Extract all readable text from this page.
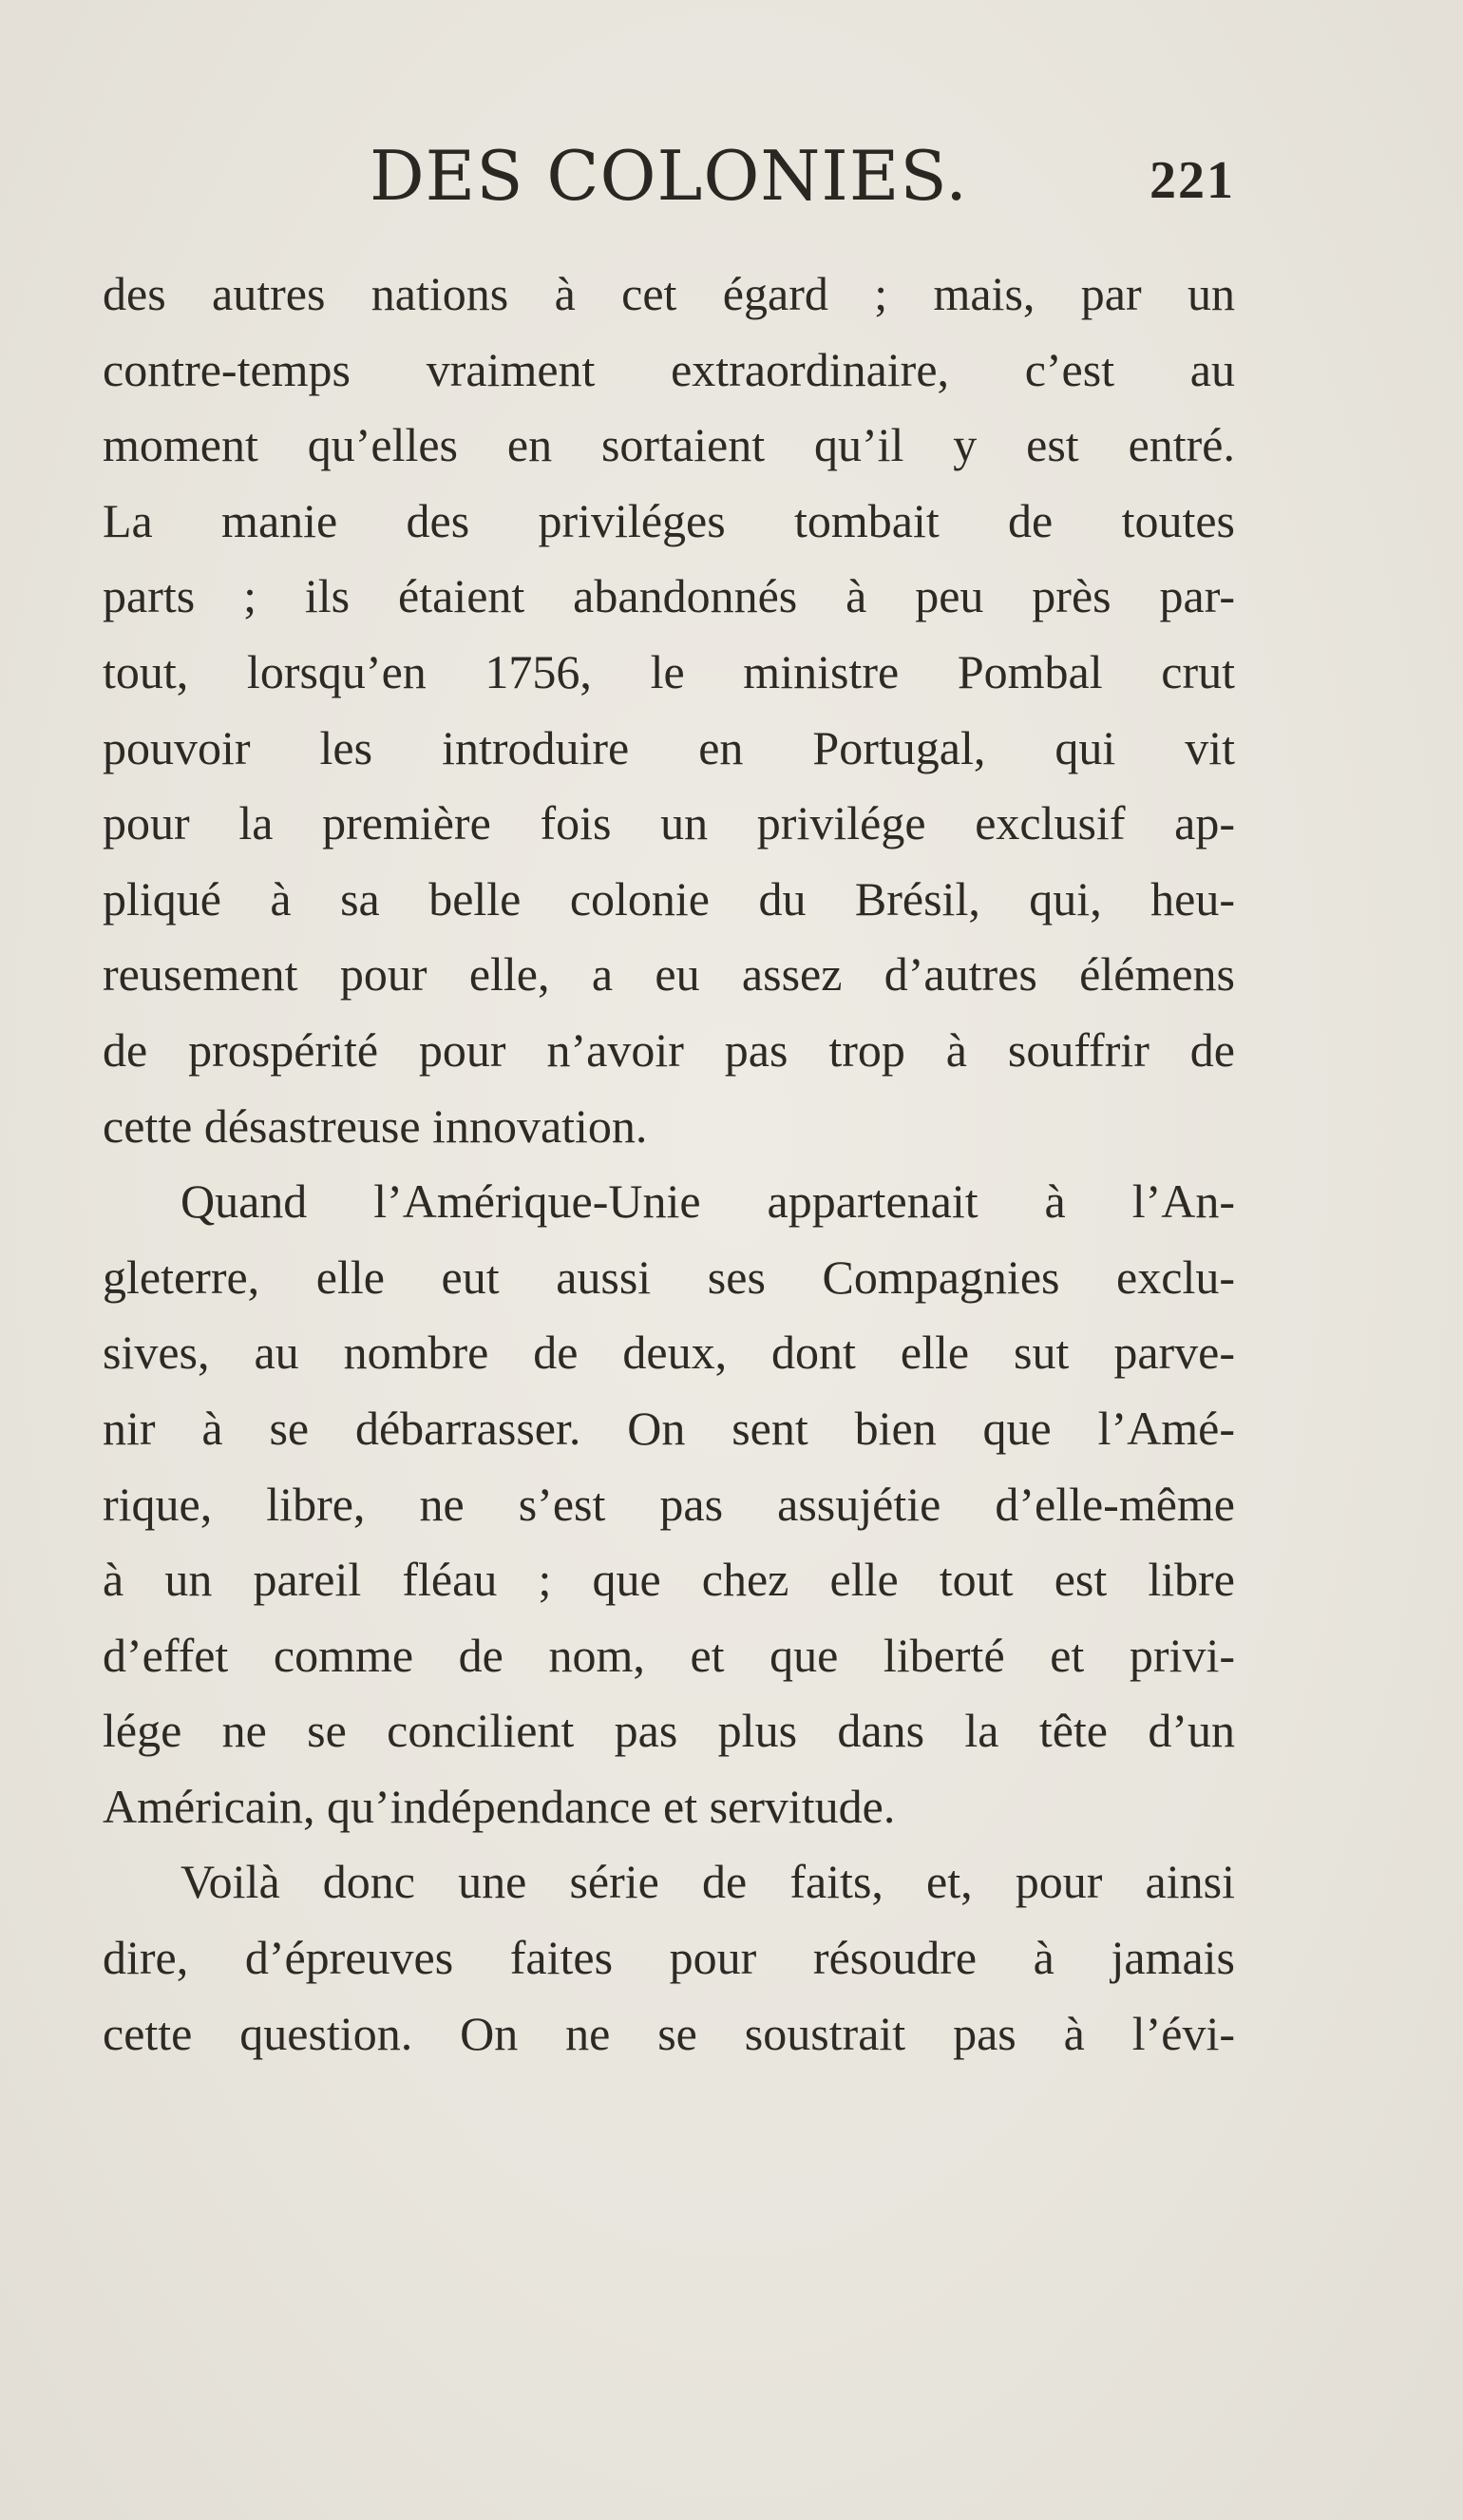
DES COLONIES.	221
des autres nations à cet égard ; mais, par un
contre-temps vraiment extraordinaire, c’est au
moment qu’elles en sortaient qu’il y est entré.
La manie des priviléges tombait de toutes
parts ; ils étaient abandonnés à peu près par-
tout, lorsqu’en 1756, le ministre Pombal crut
pouvoir les introduire en Portugal, qui vit
pour la première fois un privilége exclusif ap-
pliqué à sa belle colonie du Brésil, qui, heu-
reusement pour elle, a eu assez d’autres élémens
de prospérité pour n’avoir pas trop à souffrir de
cette désastreuse innovation.
Quand l’Amérique-Unie appartenait à l’An-
gleterre, elle eut aussi ses Compagnies exclu-
sives, au nombre de deux, dont elle sut parve-
nir à se débarrasser. On sent bien que l’Amé-
rique, libre, ne s’est pas assujétie d’elle-même
à un pareil fléau ; que chez elle tout est libre
d’effet comme de nom, et que liberté et privi-
lége ne se concilient pas plus dans la tête d’un
Américain, qu’indépendance et servitude.
Voilà donc une série de faits, et, pour ainsi
dire, d’épreuves faites pour résoudre à jamais
cette question. On ne se soustrait pas à l’évi-
